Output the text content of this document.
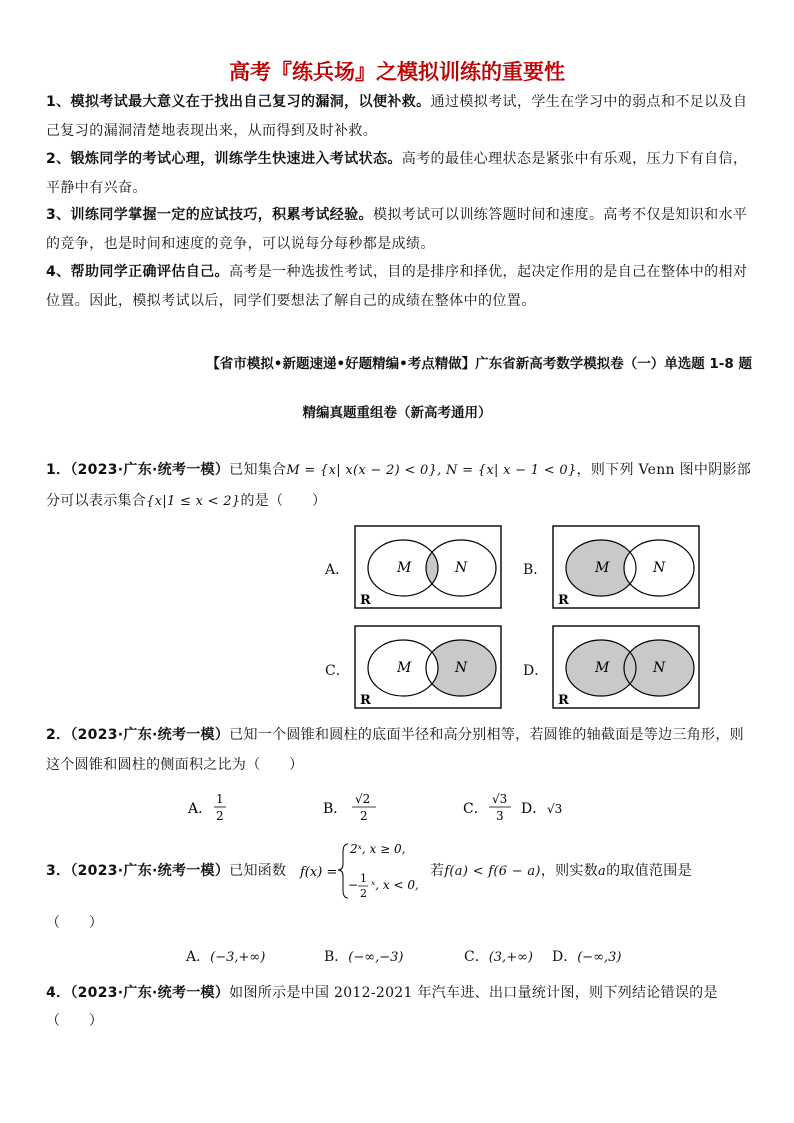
高考『练兵场』之模拟训练的重要性
1、模拟考试最大意义在于找出自己复习的漏洞，以便补救。通过模拟考试，学生在学习中的弱点和不足以及自己复习的漏洞清楚地表现出来，从而得到及时补救。
2、锻炼同学的考试心理，训练学生快速进入考试状态。高考的最佳心理状态是紧张中有乐观，压力下有自信，平静中有兴奋。
3、训练同学掌握一定的应试技巧，积累考试经验。模拟考试可以训练答题时间和速度。高考不仅是知识和水平的竞争，也是时间和速度的竞争，可以说每分每秒都是成绩。
4、帮助同学正确评估自己。高考是一种选拔性考试，目的是排序和择优，起决定作用的是自己在整体中的相对位置。因此，模拟考试以后，同学们要想法了解自己的成绩在整体中的位置。
【省市模拟•新题速递•好题精编•考点精做】广东省新高考数学模拟卷（一）单选题 1-8 题
精编真题重组卷（新高考通用）
1．（2023·广东·统考一模）已知集合M = {x| x(x − 2) < 0}, N = {x| x − 1 < 0}，则下列 Venn 图中阴影部分可以表示集合{x|1 ≤ x < 2}的是（　　）
A．	B．
C．	D．
M	N
R
M	N
R
M	N
R
M	N
R
2．（2023·广东·统考一模）已知一个圆锥和圆柱的底面半径和高分别相等，若圆锥的轴截面是等边三角形，则这个圆锥和圆柱的侧面积之比为（　　）
A．
1
2	B．
√2
2	C．
√3
3 D． √3
3．（2023·广东·统考一模）已知函数	f(x) =
2ˣ, x ≥ 0,
− 1
2
ˣ, x < 0,
若f(a) < f(6 − a)，则实数a的取值范围是
（　　）
A．(−3,+∞)	B．(−∞,−3)	C．(3,+∞) D．(−∞,3)
4．（2023·广东·统考一模）如图所示是中国 2012-2021 年汽车进、出口量统计图，则下列结论错误的是
（　　）
